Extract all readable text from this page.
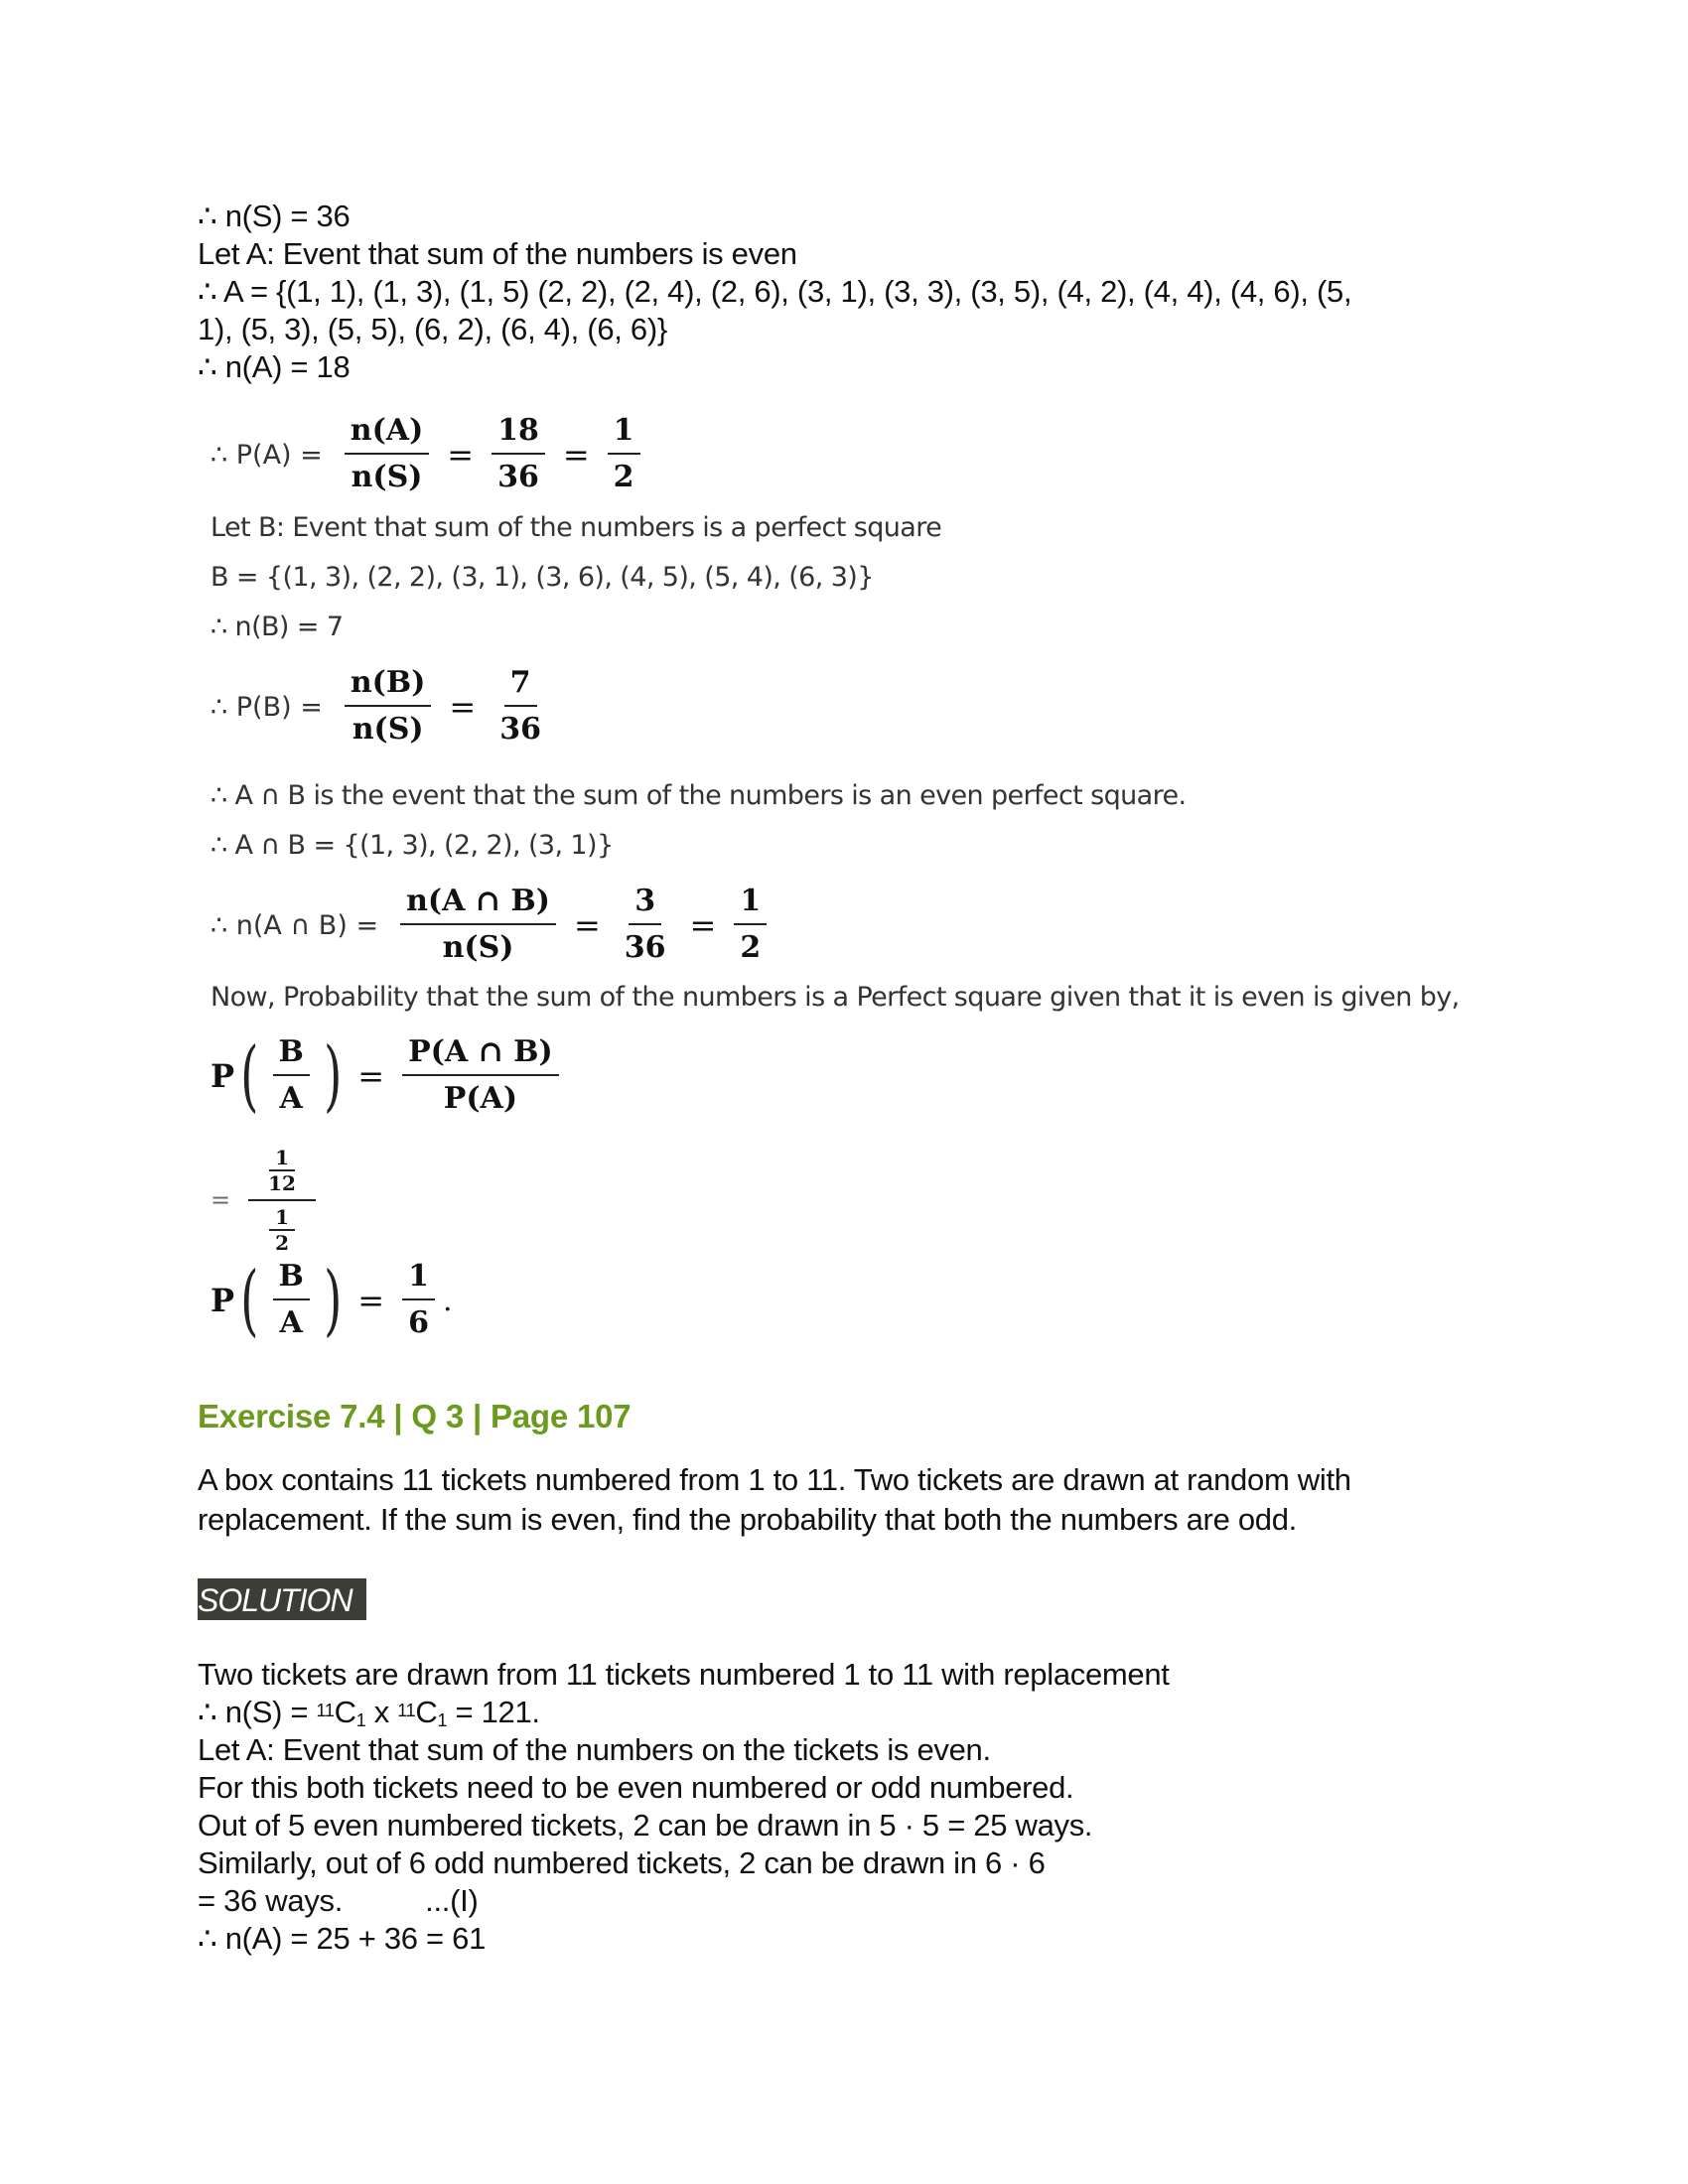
∴ n(S) = 36
Let A: Event that sum of the numbers is even
∴ A = {(1, 1), (1, 3), (1, 5) (2, 2), (2, 4), (2, 6), (3, 1), (3, 3), (3, 5), (4, 2), (4, 4), (4, 6), (5,
1), (5, 3), (5, 5), (6, 2), (6, 4), (6, 6)}
∴ n(A) = 18
∴ $P(A) = \frac{n(A)}{n(S)} = \frac{18}{36} = \frac{1}{2}$
Let B: Event that sum of the numbers is a perfect square
B = {(1, 3), (2, 2), (3, 1), (3, 6), (4, 5), (5, 4), (6, 3)}
∴ n(B) = 7
∴ $P(B) = \frac{n(B)}{n(S)} = \frac{7}{36}$
∴ A ∩ B is the event that the sum of the numbers is an even perfect square.
∴ A ∩ B = {(1, 3), (2, 2), (3, 1)}
∴ n(A ∩ $B) = \frac{n(A \cap B)}{n(S)} = \frac{3}{36} = \frac{1}{2}$
Now, Probability that the sum of the numbers is a Perfect square given that it is even is given by,
P ( $\frac{B}{A}$ ) = $\frac{P(A \cap B)}{P(A)}$
= $\frac{\frac{1}{12}}{\frac{1}{2}}$
P ( $\frac{B}{A}$ ) = $\frac{1}{6}$ .
Exercise 7.4 | Q 3 | Page 107
A box contains 11 tickets numbered from 1 to 11. Two tickets are drawn at random with
replacement. If the sum is even, find the probability that both the numbers are odd.
SOLUTION
Two tickets are drawn from 11 tickets numbered 1 to 11 with replacement
∴ $n(S) = ^{11}C_1$ x $^{11}C_1 = 121$.
Let A: Event that sum of the numbers on the tickets is even.
For this both tickets need to be even numbered or odd numbered.
Out of 5 even numbered tickets, 2 can be drawn in 5 · 5 = 25 ways.
Similarly, out of 6 odd numbered tickets, 2 can be drawn in 6 · 6
= 36 ways.          ...(I)
∴ n(A) = 25 + 36 = 61
